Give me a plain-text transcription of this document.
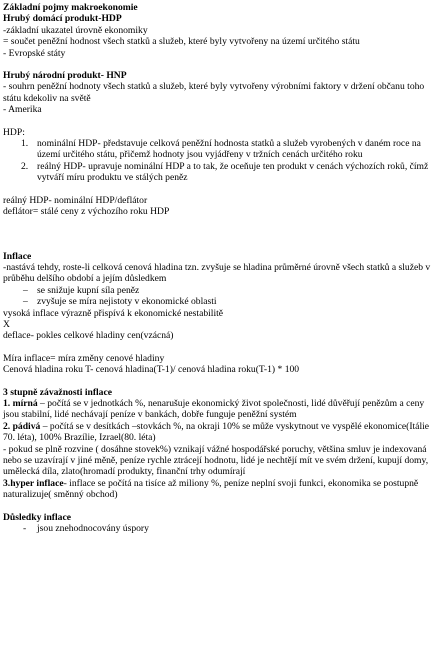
Základní pojmy makroekonomie

Hrubý domácí produkt-HDP

-základní ukazatel úrovně ekonomiky

= součet peněžní hodnost všech statků a služeb, které byly vytvořeny na území určitého státu

- Evropské státy

Hrubý národní produkt- HNP

- souhrn peněžní hodnoty všech statků a služeb, které byly vytvořeny výrobními faktory v držení občanu toho státu kdekoliv na světě

- Amerika

HDP:

1. nominální HDP- představuje celková peněžní hodnosta statků a služeb vyrobených v daném roce na území určitého státu, přičemž hodnoty jsou vyjádřeny v tržních cenách určitého roku
2. reálný HDP- upravuje nominální HDP a to tak, že oceňuje ten produkt v cenách výchozích roků, čímž vytváří míru produktu ve stálých peněz

reálný HDP- nominální HDP/deflátor

deflátor= stálé ceny z výchozího roku HDP

Inflace

-nastává tehdy, roste-li celková cenová hladina tzn. zvyšuje se hladina průměrné úrovně všech statků a služeb v průběhu delšího období a jejím důsledkem

– se snižuje kupní síla peněz
– zvyšuje se míra nejistoty v ekonomické oblasti

vysoká inflace výrazně přispívá k ekonomické nestabilitě

X

deflace- pokles celkové hladiny cen(vzácná)

Míra inflace= míra změny cenové hladiny

Cenová hladina roku T- cenová hladina(T-1)/ cenová hladina roku(T-1) * 100

3 stupně závažnosti inflace

1. mírná – počítá se v jednotkách %, nenarušuje ekonomický život společnosti, lidé důvěřují penězům a ceny jsou stabilní, lidé nechávají peníze v bankách, dobře funguje peněžní systém

2. pádivá – počítá se v desítkách –stovkách %, na okraji 10% se může vyskytnout ve vyspělé ekonomice(Itálie 70. léta), 100% Brazílie, Izrael(80. léta)

- pokud se plně rozvine ( dosáhne stovek%) vznikají vážné hospodářské poruchy, většina smluv je indexovaná nebo se uzavírají v jiné měně, peníze rychle ztrácejí hodnotu, lidé je nechtějí mít ve svém držení, kupují domy, umělecká díla, zlato(hromadí produkty, finanční trhy odumírají

3.hyper inflace- inflace se počítá na tisíce až miliony %, peníze neplní svoji funkci, ekonomika se postupně naturalizuje( směnný obchod)

Důsledky inflace

- jsou znehodnocovány úspory
